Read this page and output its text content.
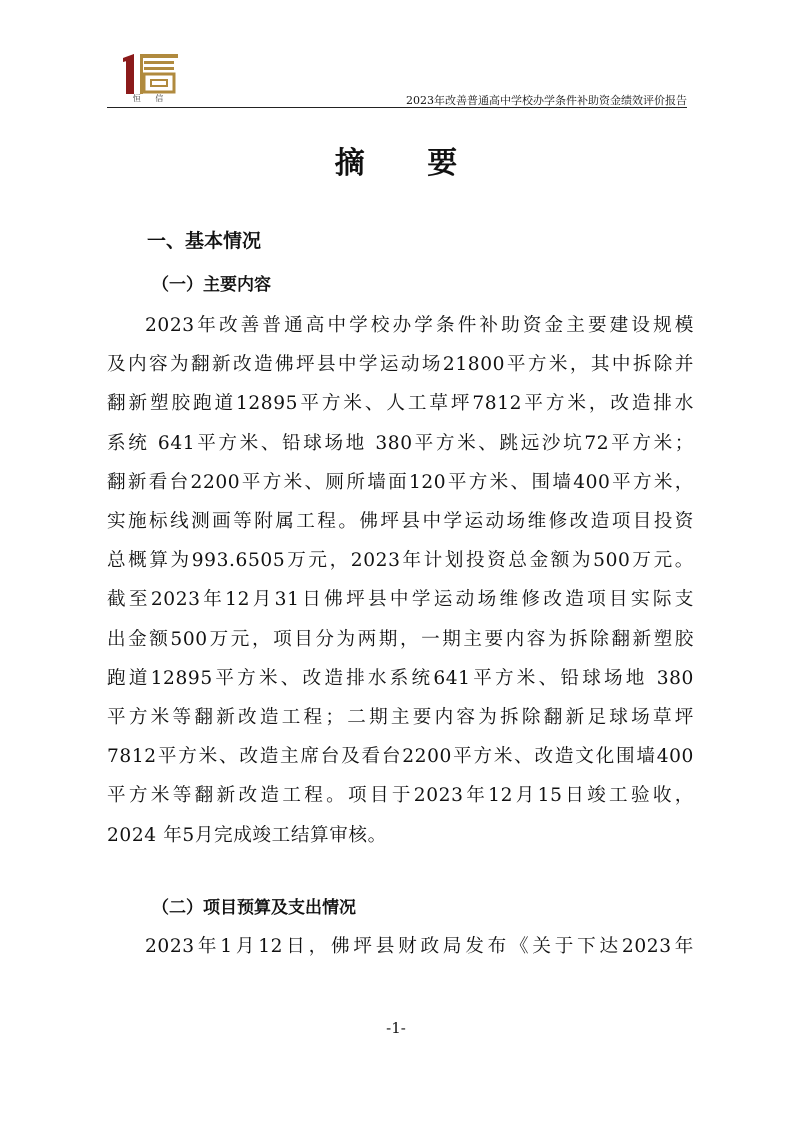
恒 信	2023年改善普通高中学校办学条件补助资金绩效评价报告
摘 要
一、基本情况
（一）主要内容
2023年改善普通高中学校办学条件补助资金主要建设规模
及内容为翻新改造佛坪县中学运动场21800平方米，其中拆除并
翻新塑胶跑道12895平方米、人工草坪7812平方米，改造排水
系统 641平方米、铅球场地 380平方米、跳远沙坑72平方米；
翻新看台2200平方米、厕所墙面120平方米、围墙400平方米，
实施标线测画等附属工程。佛坪县中学运动场维修改造项目投资
总概算为993.6505万元，2023年计划投资总金额为500万元。
截至2023年12月31日佛坪县中学运动场维修改造项目实际支
出金额500万元，项目分为两期，一期主要内容为拆除翻新塑胶
跑道12895平方米、改造排水系统641平方米、铅球场地 380
平方米等翻新改造工程；二期主要内容为拆除翻新足球场草坪
7812平方米、改造主席台及看台2200平方米、改造文化围墙400
平方米等翻新改造工程。项目于2023年12月15日竣工验收，
2024 年5月完成竣工结算审核。
（二）项目预算及支出情况
2023年1月12日，佛坪县财政局发布《关于下达2023年
-1-
